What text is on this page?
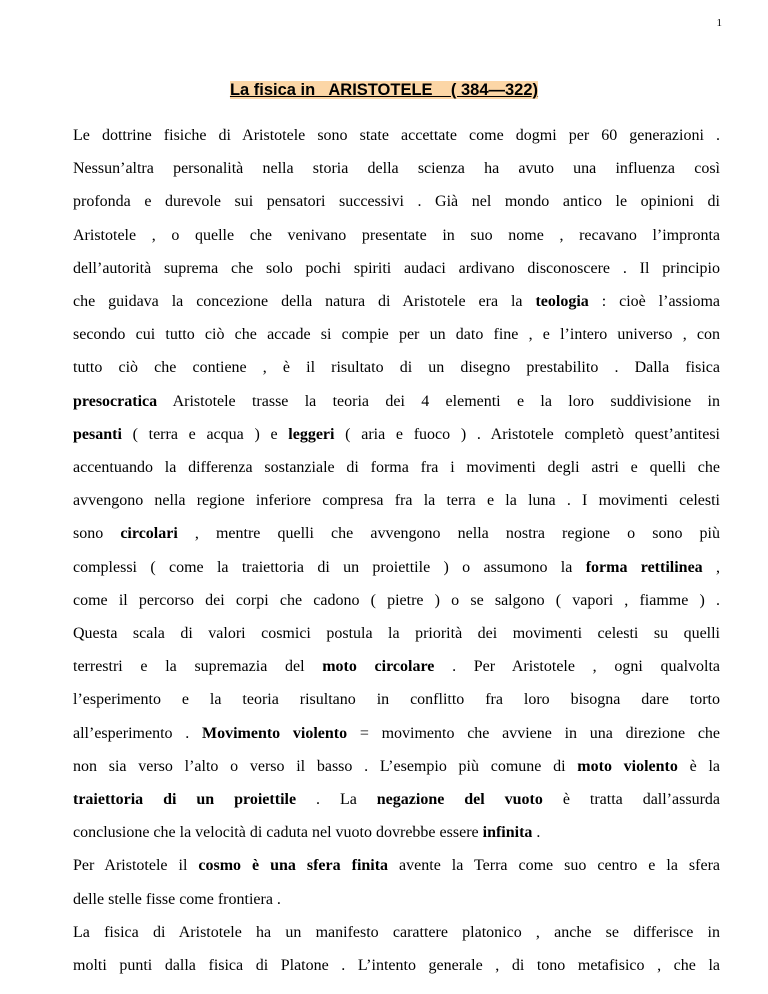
1
La fisica in   ARISTOTELE    ( 384—322)

Le dottrine fisiche di Aristotele sono state accettate come dogmi per 60 generazioni .
Nessun’altra personalità nella storia della scienza ha avuto una influenza così
profonda e durevole sui pensatori successivi . Già nel mondo antico le opinioni di
Aristotele , o quelle che venivano presentate in suo nome , recavano l’impronta
dell’autorità suprema che solo pochi spiriti audaci ardivano disconoscere . Il principio
che guidava la concezione della natura di Aristotele era la teologia : cioè l’assioma
secondo cui tutto ciò che accade si compie per un dato fine , e l’intero universo , con
tutto ciò che contiene , è il risultato di un disegno prestabilito . Dalla fisica
presocratica Aristotele trasse la teoria dei 4 elementi e la loro suddivisione in
pesanti ( terra e acqua ) e leggeri ( aria e fuoco ) . Aristotele completò quest’antitesi
accentuando la differenza sostanziale di forma fra i movimenti degli astri e quelli che
avvengono nella regione inferiore compresa fra la terra e la luna . I movimenti celesti
sono circolari , mentre quelli che avvengono nella nostra regione o sono più
complessi ( come la traiettoria di un proiettile ) o assumono la forma rettilinea ,
come il percorso dei corpi che cadono ( pietre ) o se salgono ( vapori , fiamme ) .
Questa scala di valori cosmici postula la priorità dei movimenti celesti su quelli
terrestri e la supremazia del moto circolare . Per Aristotele , ogni qualvolta
l’esperimento e la teoria risultano in conflitto fra loro bisogna dare torto
all’esperimento . Movimento violento = movimento che avviene in una direzione che
non sia verso l’alto o verso il basso . L’esempio più comune di moto violento è la
traiettoria di un proiettile . La negazione del vuoto è tratta dall’assurda
conclusione che la velocità di caduta nel vuoto dovrebbe essere infinita .

Per Aristotele il cosmo è una sfera finita avente la Terra come suo centro e la sfera
delle stelle fisse come frontiera .

La fisica di Aristotele ha un manifesto carattere platonico , anche se differisce in
molti punti dalla fisica di Platone . L’intento generale , di tono metafisico , che la
